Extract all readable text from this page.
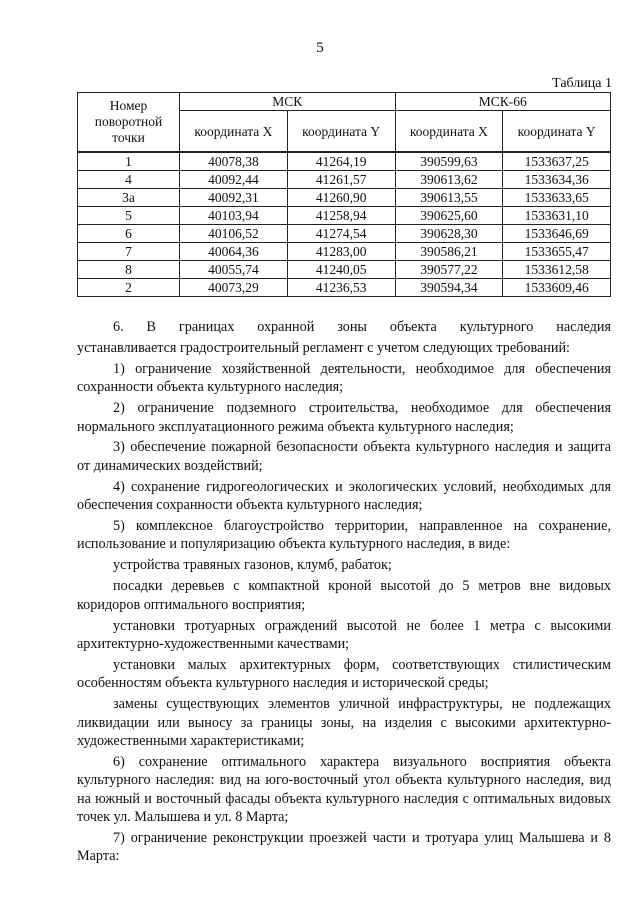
5
Таблица 1
Номер поворотной точки	МСК		МСК-66	
	координата X	координата Y	координата X	координата Y
1	40078,38	41264,19	390599,63	1533637,25
4	40092,44	41261,57	390613,62	1533634,36
3а	40092,31	41260,90	390613,55	1533633,65
5	40103,94	41258,94	390625,60	1533631,10
6	40106,52	41274,54	390628,30	1533646,69
7	40064,36	41283,00	390586,21	1533655,47
8	40055,74	41240,05	390577,22	1533612,58
2	40073,29	41236,53	390594,34	1533609,46

6. В границах охранной зоны объекта культурного наследия

устанавливается градостроительный регламент с учетом следующих требований:

1) ограничение хозяйственной деятельности, необходимое для обеспечения сохранности объекта культурного наследия;

2) ограничение подземного строительства, необходимое для обеспечения нормального эксплуатационного режима объекта культурного наследия;

3) обеспечение пожарной безопасности объекта культурного наследия и защита от динамических воздействий;

4) сохранение гидрогеологических и экологических условий, необходимых для обеспечения сохранности объекта культурного наследия;

5) комплексное благоустройство территории, направленное на сохранение, использование и популяризацию объекта культурного наследия, в виде:

устройства травяных газонов, клумб, рабаток;

посадки деревьев с компактной кроной высотой до 5 метров вне видовых коридоров оптимального восприятия;

установки тротуарных ограждений высотой не более 1 метра с высокими архитектурно-художественными качествами;

установки малых архитектурных форм, соответствующих стилистическим особенностям объекта культурного наследия и исторической среды;

замены существующих элементов уличной инфраструктуры, не подлежащих ликвидации или выносу за границы зоны, на изделия с высокими архитектурно-художественными характеристиками;

6) сохранение оптимального характера визуального восприятия объекта культурного наследия: вид на юго-восточный угол объекта культурного наследия, вид на южный и восточный фасады объекта культурного наследия с оптимальных видовых точек ул. Малышева и ул. 8 Марта;

7) ограничение реконструкции проезжей части и тротуара улиц Малышева и 8 Марта:
